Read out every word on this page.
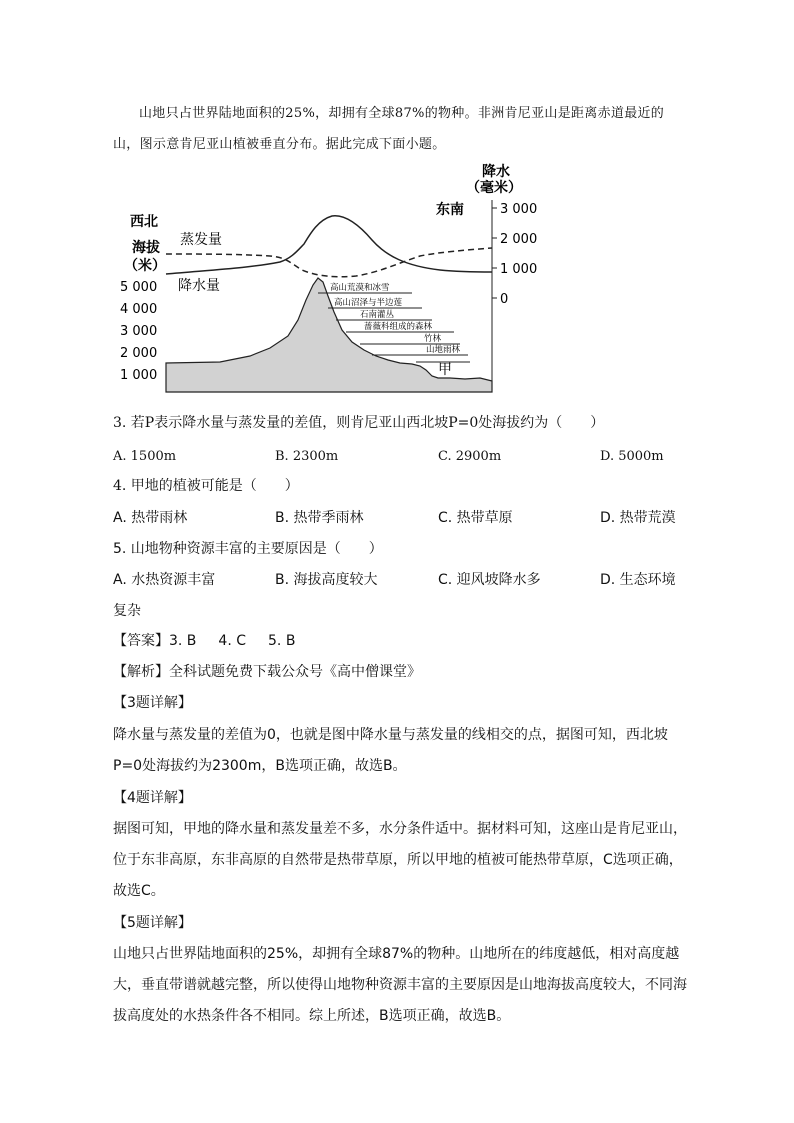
山地只占世界陆地面积的25%，却拥有全球87%的物种。非洲肯尼亚山是距离赤道最近的山，图示意肯尼亚山植被垂直分布。据此完成下面小题。

西北
海拔
（米）
降水
（毫米）
东南
5 000
4 000
3 000
2 000
1 000
3 000
2 000
1 000
0
蒸发量
降水量	高山荒漠和冰雪
高山沼泽与半边莲
石南灌丛
蔷薇科组成的森林
竹林
山地雨林
甲
3. 若P表示降水量与蒸发量的差值，则肯尼亚山西北坡P=0处海拔约为（　　）
A. 1500m	B. 2300m	C. 2900m	D. 5000m
4. 甲地的植被可能是（　　）
A. 热带雨林	B. 热带季雨林	C. 热带草原	D. 热带荒漠
5. 山地物种资源丰富的主要原因是（　　）
A. 水热资源丰富	B. 海拔高度较大	C. 迎风坡降水多	D. 生态环境
复杂
【答案】3. B 4. C 5. B
【解析】全科试题免费下载公众号《高中僧课堂》
【3题详解】
降水量与蒸发量的差值为0，也就是图中降水量与蒸发量的线相交的点，据图可知，西北坡P=0处海拔约为2300m，B选项正确，故选B。
【4题详解】
据图可知，甲地的降水量和蒸发量差不多，水分条件适中。据材料可知，这座山是肯尼亚山，位于东非高原，东非高原的自然带是热带草原，所以甲地的植被可能热带草原，C选项正确，故选C。
【5题详解】
山地只占世界陆地面积的25%，却拥有全球87%的物种。山地所在的纬度越低，相对高度越大，垂直带谱就越完整，所以使得山地物种资源丰富的主要原因是山地海拔高度较大，不同海拔高度处的水热条件各不相同。综上所述，B选项正确，故选B。
